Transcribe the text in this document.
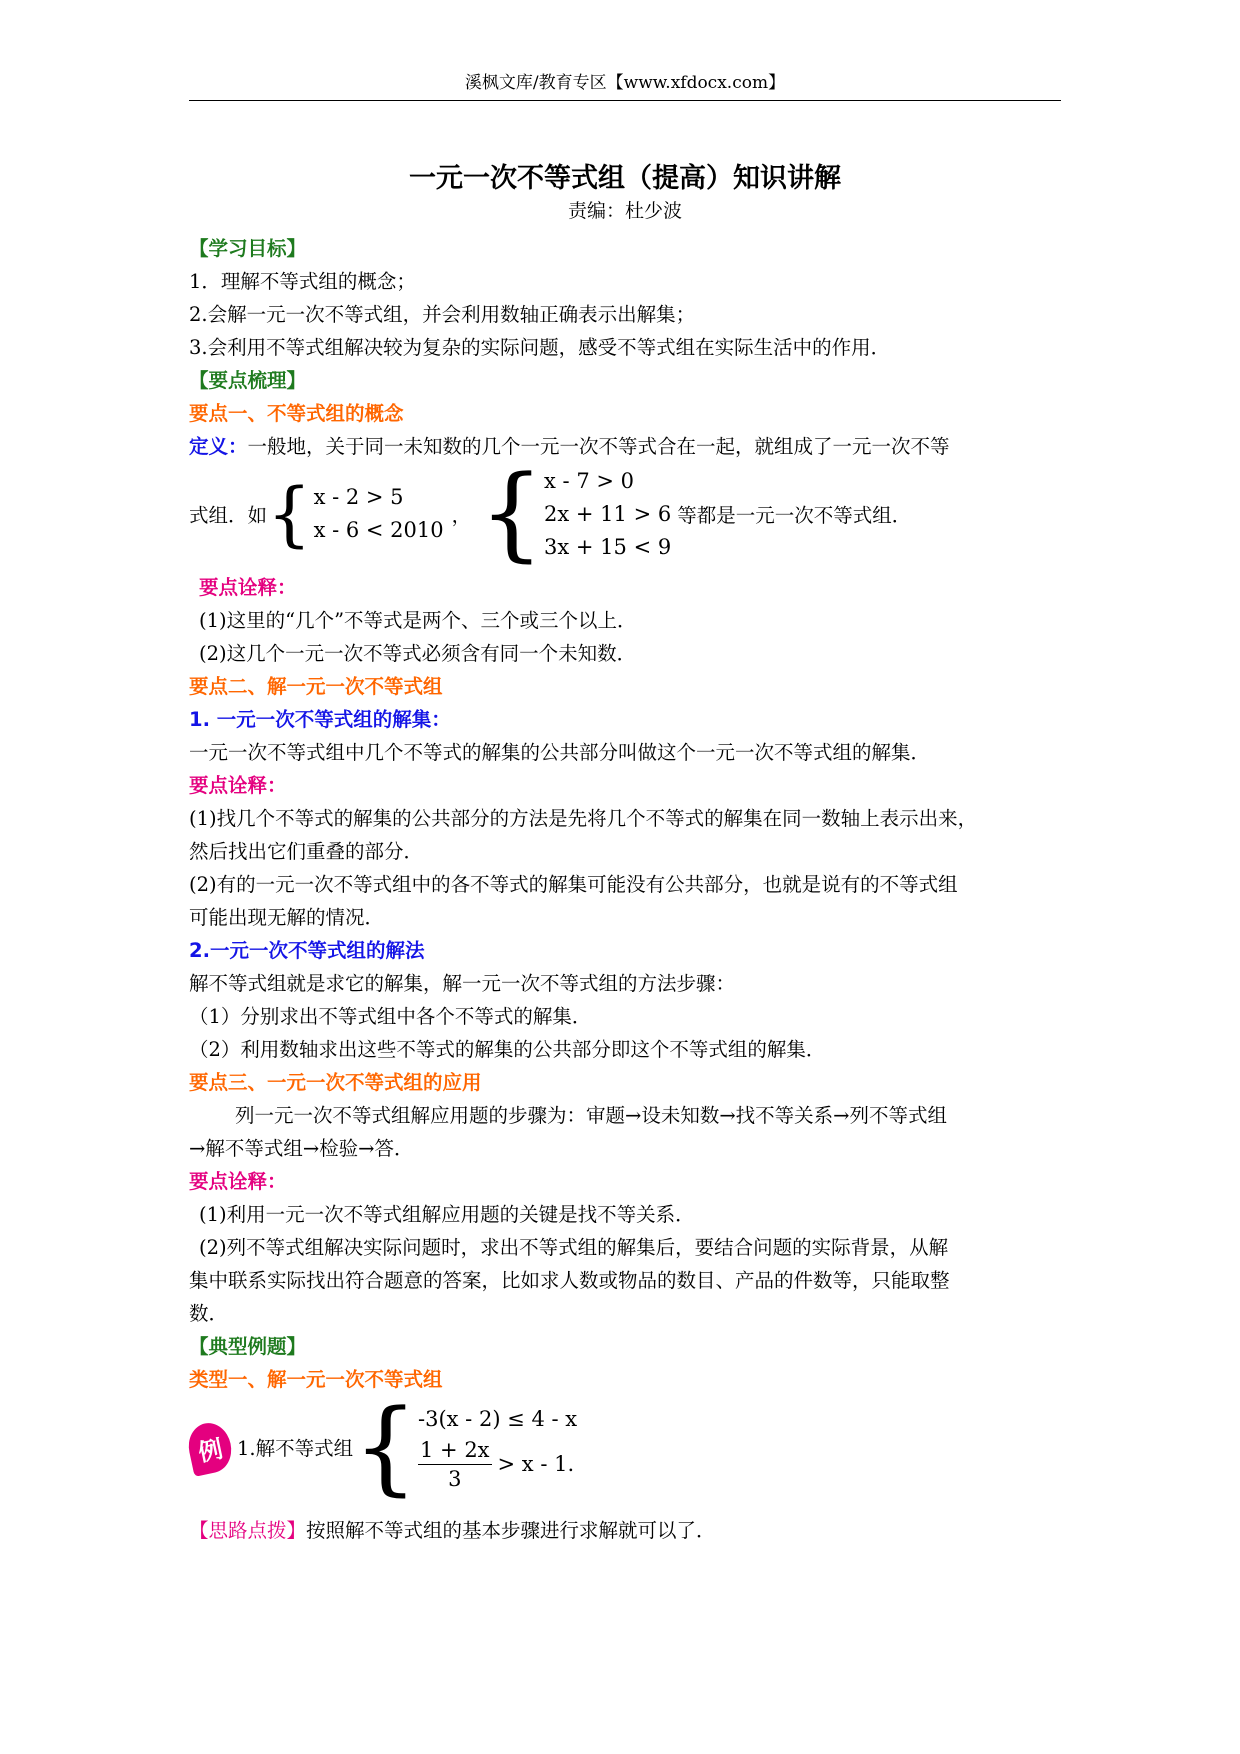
溪枫文库/教育专区【www.xfdocx.com】
一元一次不等式组（提高）知识讲解
责编：杜少波
【学习目标】
1．理解不等式组的概念；
2.会解一元一次不等式组，并会利用数轴正确表示出解集；
3.会利用不等式组解决较为复杂的实际问题，感受不等式组在实际生活中的作用．
【要点梳理】
要点一、不等式组的概念
定义：一般地，关于同一未知数的几个一元一次不等式合在一起，就组成了一元一次不等
式组．如 { x - 2 > 5
x - 6 < 2010
， { x - 7 > 0
2x + 11 > 6
3x + 15 < 9
等都是一元一次不等式组．
要点诠释：
(1)这里的“几个”不等式是两个、三个或三个以上．
(2)这几个一元一次不等式必须含有同一个未知数．
要点二、解一元一次不等式组
1. 一元一次不等式组的解集：
一元一次不等式组中几个不等式的解集的公共部分叫做这个一元一次不等式组的解集．
要点诠释：
(1)找几个不等式的解集的公共部分的方法是先将几个不等式的解集在同一数轴上表示出来，
然后找出它们重叠的部分．
(2)有的一元一次不等式组中的各不等式的解集可能没有公共部分，也就是说有的不等式组
可能出现无解的情况．
2.一元一次不等式组的解法
解不等式组就是求它的解集，解一元一次不等式组的方法步骤：
（1）分别求出不等式组中各个不等式的解集．
（2）利用数轴求出这些不等式的解集的公共部分即这个不等式组的解集．
要点三、一元一次不等式组的应用
列一元一次不等式组解应用题的步骤为：审题→设未知数→找不等关系→列不等式组
→解不等式组→检验→答．
要点诠释：
(1)利用一元一次不等式组解应用题的关键是找不等关系．
(2)列不等式组解决实际问题时，求出不等式组的解集后，要结合问题的实际背景，从解
集中联系实际找出符合题意的答案，比如求人数或物品的数目、产品的件数等，只能取整
数．
【典型例题】
类型一、解一元一次不等式组
例 1.解不等式组 { -3(x - 2) ≤ 4 - x
$\frac{1 + 2x}{3} > x - 1$.
【思路点拨】按照解不等式组的基本步骤进行求解就可以了．
